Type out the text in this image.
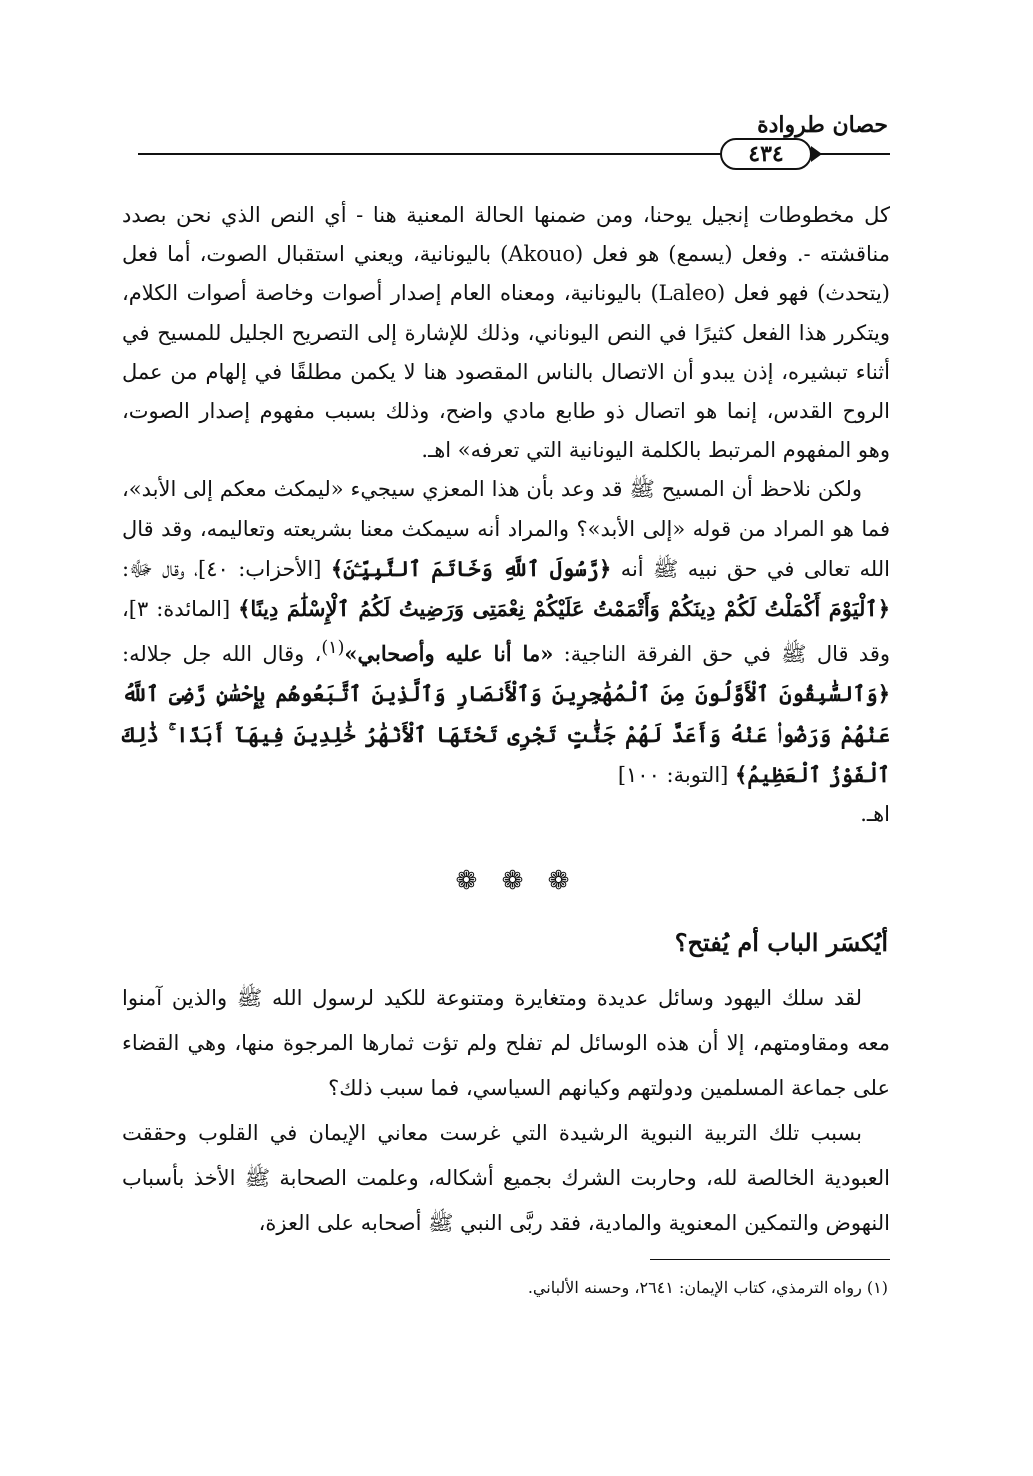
حصان طروادة
٤٣٤

كل مخطوطات إنجيل يوحنا، ومن ضمنها الحالة المعنية هنا - أي النص الذي نحن بصدد مناقشته -. وفعل (يسمع) هو فعل (Akouo) باليونانية، ويعني استقبال الصوت، أما فعل (يتحدث) فهو فعل (Laleo) باليونانية، ومعناه العام إصدار أصوات وخاصة أصوات الكلام، ويتكرر هذا الفعل كثيرًا في النص اليوناني، وذلك للإشارة إلى التصريح الجليل للمسيح في أثناء تبشيره، إذن يبدو أن الاتصال بالناس المقصود هنا لا يكمن مطلقًا في إلهام من عمل الروح القدس، إنما هو اتصال ذو طابع مادي واضح، وذلك بسبب مفهوم إصدار الصوت، وهو المفهوم المرتبط بالكلمة اليونانية التي تعرفه» اهـ.

ولكن نلاحظ أن المسيح ﷺ قد وعد بأن هذا المعزي سيجيء «ليمكث معكم إلى الأبد»، فما هو المراد من قوله «إلى الأبد»؟ والمراد أنه سيمكث معنا بشريعته وتعاليمه، وقد قال الله تعالى في حق نبيه ﷺ أنه ﴿رَّسُولَ ٱللَّهِ وَخَاتَمَ ٱلنَّبِيِّـۧنَ﴾ [الأحزاب: ٤٠]، وقال ﷻ: ﴿ٱلْيَوْمَ أَكْمَلْتُ لَكُمْ دِينَكُمْ وَأَتْمَمْتُ عَلَيْكُمْ نِعْمَتِى وَرَضِيتُ لَكُمُ ٱلْإِسْلَٰمَ دِينًا﴾ [المائدة: ٣]، وقد قال ﷺ في حق الفرقة الناجية: «ما أنا عليه وأصحابي»$^{(١)}$، وقال الله جل جلاله: ﴿وَٱلسَّٰبِقُونَ ٱلْأَوَّلُونَ مِنَ ٱلْمُهَٰجِرِينَ وَٱلْأَنصَارِ وَٱلَّذِينَ ٱتَّبَعُوهُم بِإِحْسَٰنٍ رَّضِىَ ٱللَّهُ عَنْهُمْ وَرَضُوا۟ عَنْهُ وَأَعَدَّ لَهُمْ جَنَّٰتٍ تَجْرِى تَحْتَهَا ٱلْأَنْهَٰرُ خَٰلِدِينَ فِيهَآ أَبَدًا ۚ ذَٰلِكَ ٱلْفَوْزُ ٱلْعَظِيمُ﴾ [التوبة: ١٠٠]

اهـ.

❁ ❁ ❁
أيُكسَر الباب أم يُفتح؟

لقد سلك اليهود وسائل عديدة ومتغايرة ومتنوعة للكيد لرسول الله ﷺ والذين آمنوا معه ومقاومتهم، إلا أن هذه الوسائل لم تفلح ولم تؤت ثمارها المرجوة منها، وهي القضاء على جماعة المسلمين ودولتهم وكيانهم السياسي، فما سبب ذلك؟

بسبب تلك التربية النبوية الرشيدة التي غرست معاني الإيمان في القلوب وحققت العبودية الخالصة لله، وحاربت الشرك بجميع أشكاله، وعلمت الصحابة ﷺ الأخذ بأسباب النهوض والتمكين المعنوية والمادية، فقد ربَّى النبي ﷺ أصحابه على العزة،

(١) رواه الترمذي، كتاب الإيمان: ٢٦٤١، وحسنه الألباني.
